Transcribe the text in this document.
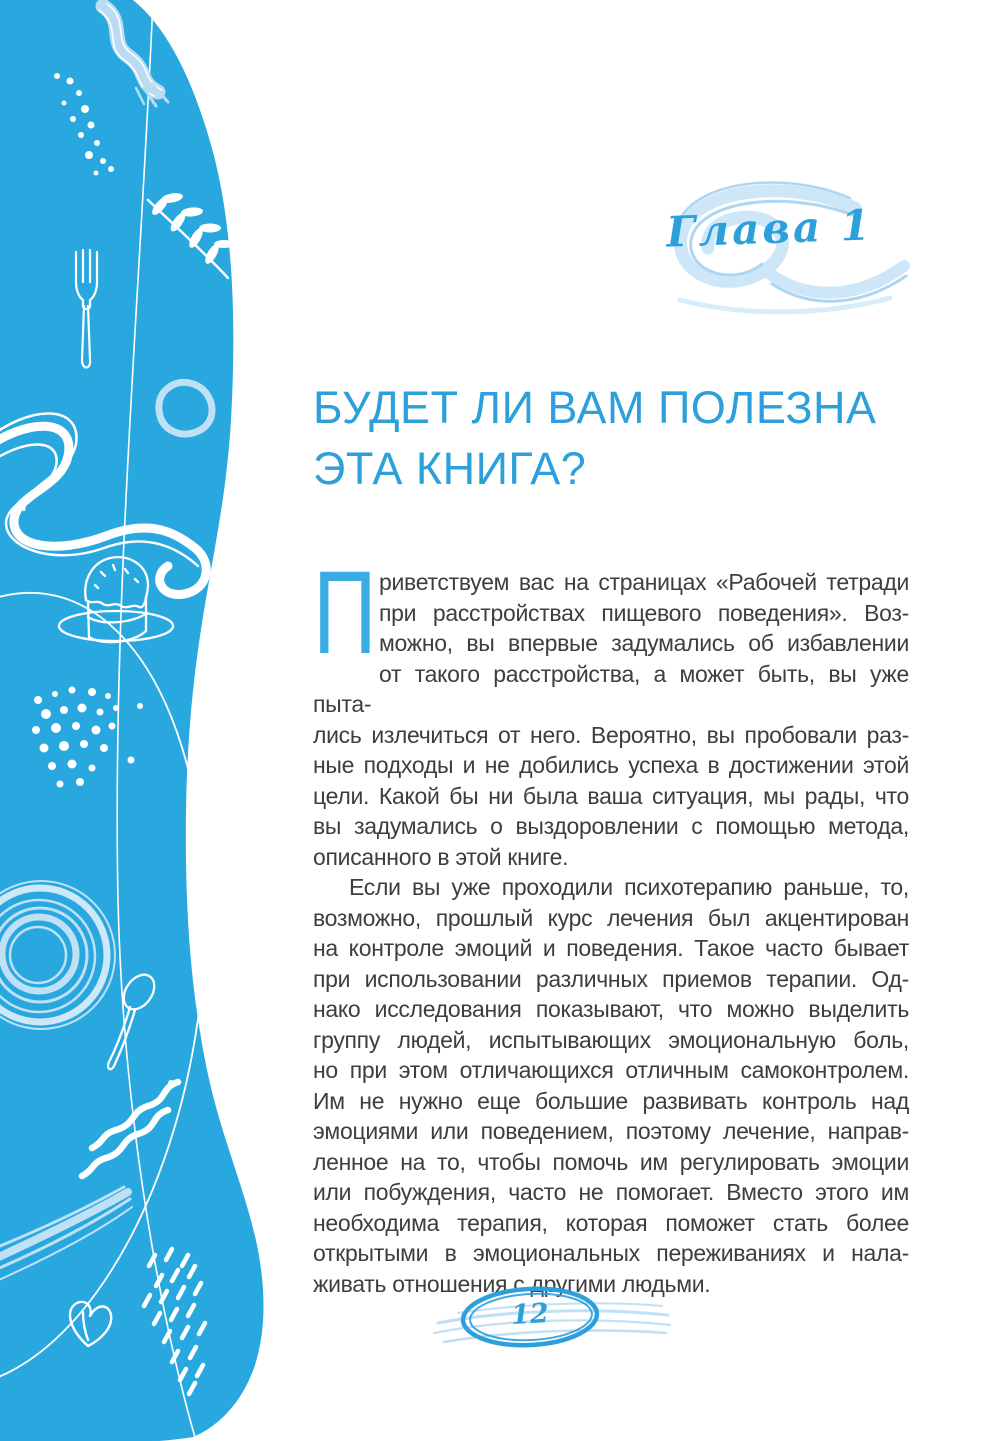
Глава 1
БУДЕТ ЛИ ВАМ ПОЛЕЗНА
ЭТА КНИГА?
П риветствуем вас на страницах «Рабочей тетради
при расстройствах пищевого поведения». Воз-
можно, вы впервые задумались об избавлении
от такого расстройства, а может быть, вы уже пыта-
лись излечиться от него. Вероятно, вы пробовали раз-
ные подходы и не добились успеха в достижении этой
цели. Какой бы ни была ваша ситуация, мы рады, что
вы задумались о выздоровлении с помощью метода,
описанного в этой книге.
Если вы уже проходили психотерапию раньше, то,
возможно, прошлый курс лечения был акцентирован
на контроле эмоций и поведения. Такое часто бывает
при использовании различных приемов терапии. Од-
нако исследования показывают, что можно выделить
группу людей, испытывающих эмоциональную боль,
но при этом отличающихся отличным самоконтролем.
Им не нужно еще большие развивать контроль над
эмоциями или поведением, поэтому лечение, направ-
ленное на то, чтобы помочь им регулировать эмоции
или побуждения, часто не помогает. Вместо этого им
необходима терапия, которая поможет стать более
открытыми в эмоциональных переживаниях и нала-
живать отношения с другими людьми.
12
